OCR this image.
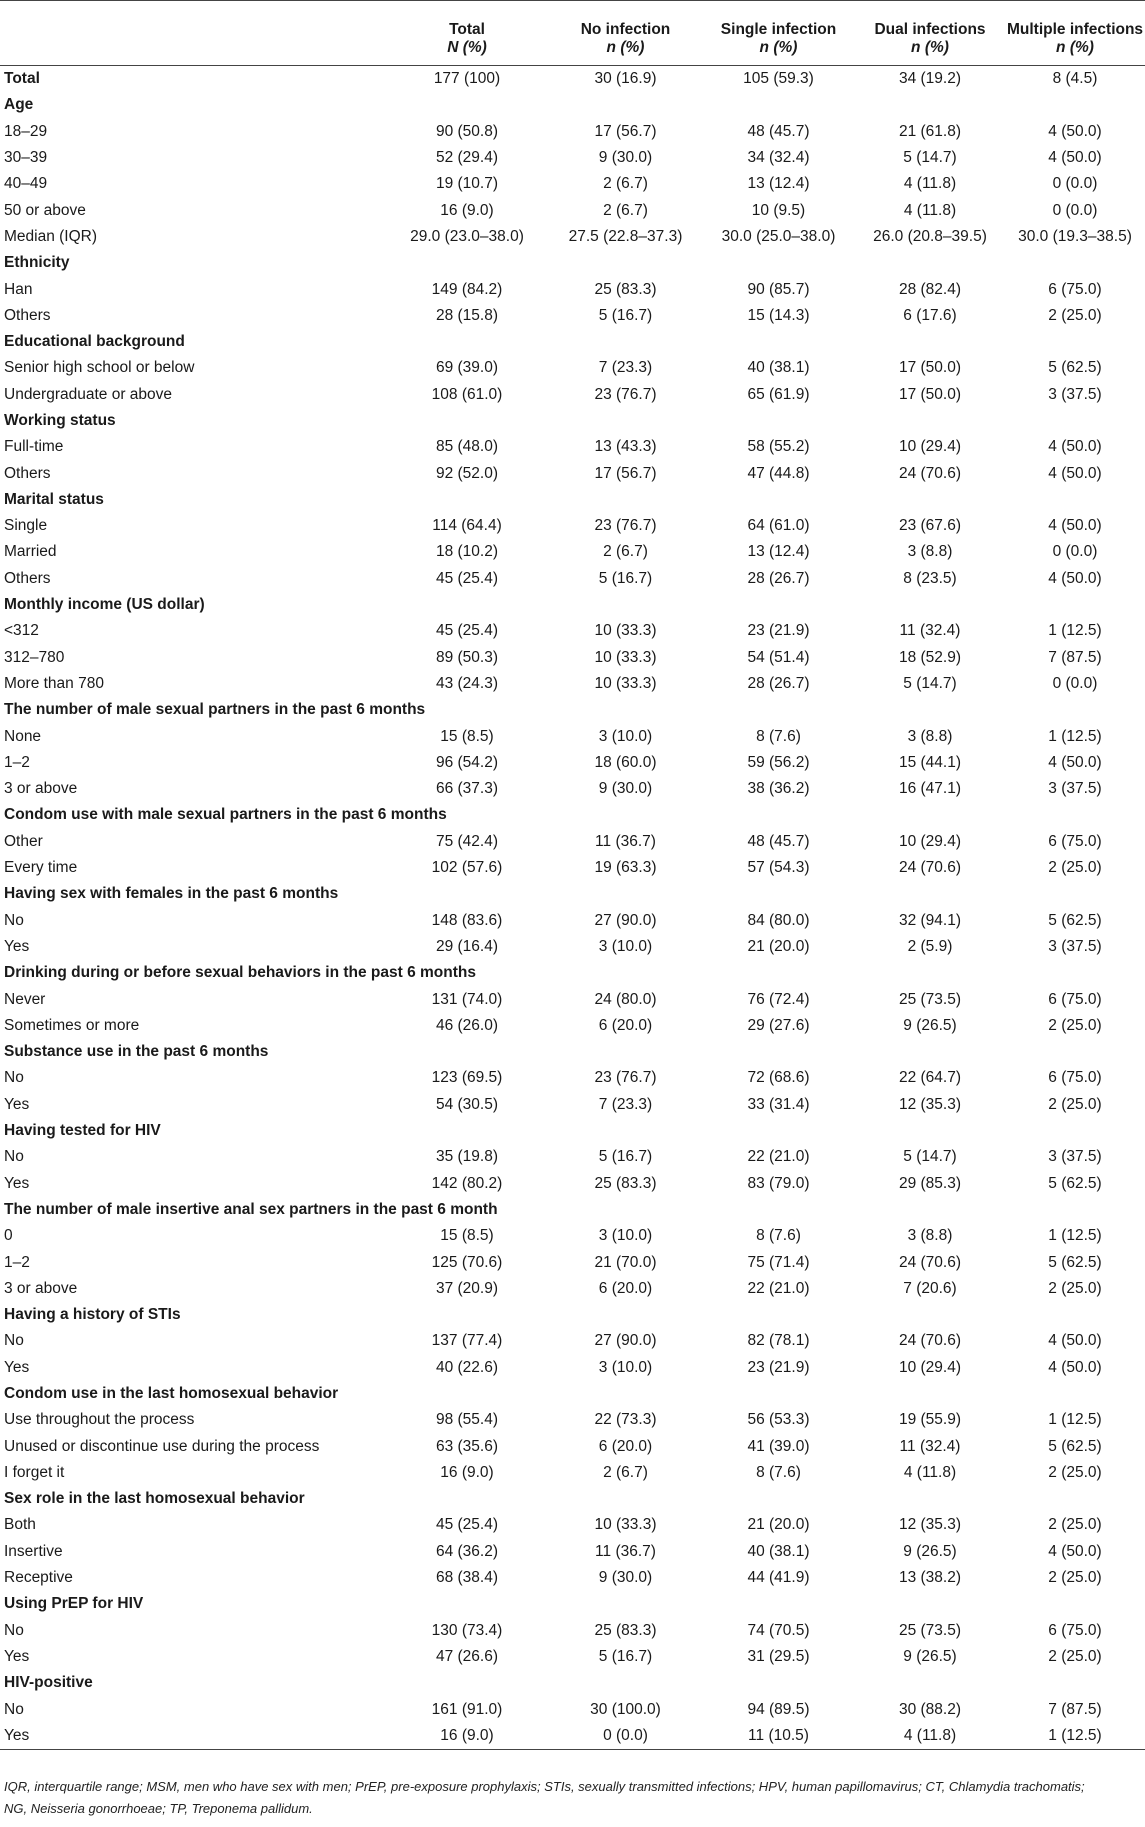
	Total	No infection	Single infection	Dual infections	Multiple infections
	N (%)	n (%)	n (%)	n (%)	n (%)
Total	177 (100)	30 (16.9)	105 (59.3)	34 (19.2)	8 (4.5)
Age					
18–29	90 (50.8)	17 (56.7)	48 (45.7)	21 (61.8)	4 (50.0)
30–39	52 (29.4)	9 (30.0)	34 (32.4)	5 (14.7)	4 (50.0)
40–49	19 (10.7)	2 (6.7)	13 (12.4)	4 (11.8)	0 (0.0)
50 or above	16 (9.0)	2 (6.7)	10 (9.5)	4 (11.8)	0 (0.0)
Median (IQR)	29.0 (23.0–38.0)	27.5 (22.8–37.3)	30.0 (25.0–38.0)	26.0 (20.8–39.5)	30.0 (19.3–38.5)
Ethnicity					
Han	149 (84.2)	25 (83.3)	90 (85.7)	28 (82.4)	6 (75.0)
Others	28 (15.8)	5 (16.7)	15 (14.3)	6 (17.6)	2 (25.0)
Educational background					
Senior high school or below	69 (39.0)	7 (23.3)	40 (38.1)	17 (50.0)	5 (62.5)
Undergraduate or above	108 (61.0)	23 (76.7)	65 (61.9)	17 (50.0)	3 (37.5)
Working status					
Full-time	85 (48.0)	13 (43.3)	58 (55.2)	10 (29.4)	4 (50.0)
Others	92 (52.0)	17 (56.7)	47 (44.8)	24 (70.6)	4 (50.0)
Marital status					
Single	114 (64.4)	23 (76.7)	64 (61.0)	23 (67.6)	4 (50.0)
Married	18 (10.2)	2 (6.7)	13 (12.4)	3 (8.8)	0 (0.0)
Others	45 (25.4)	5 (16.7)	28 (26.7)	8 (23.5)	4 (50.0)
Monthly income (US dollar)					
<312	45 (25.4)	10 (33.3)	23 (21.9)	11 (32.4)	1 (12.5)
312–780	89 (50.3)	10 (33.3)	54 (51.4)	18 (52.9)	7 (87.5)
More than 780	43 (24.3)	10 (33.3)	28 (26.7)	5 (14.7)	0 (0.0)
The number of male sexual partners in the past 6 months					
None	15 (8.5)	3 (10.0)	8 (7.6)	3 (8.8)	1 (12.5)
1–2	96 (54.2)	18 (60.0)	59 (56.2)	15 (44.1)	4 (50.0)
3 or above	66 (37.3)	9 (30.0)	38 (36.2)	16 (47.1)	3 (37.5)
Condom use with male sexual partners in the past 6 months					
Other	75 (42.4)	11 (36.7)	48 (45.7)	10 (29.4)	6 (75.0)
Every time	102 (57.6)	19 (63.3)	57 (54.3)	24 (70.6)	2 (25.0)
Having sex with females in the past 6 months					
No	148 (83.6)	27 (90.0)	84 (80.0)	32 (94.1)	5 (62.5)
Yes	29 (16.4)	3 (10.0)	21 (20.0)	2 (5.9)	3 (37.5)
Drinking during or before sexual behaviors in the past 6 months					
Never	131 (74.0)	24 (80.0)	76 (72.4)	25 (73.5)	6 (75.0)
Sometimes or more	46 (26.0)	6 (20.0)	29 (27.6)	9 (26.5)	2 (25.0)
Substance use in the past 6 months					
No	123 (69.5)	23 (76.7)	72 (68.6)	22 (64.7)	6 (75.0)
Yes	54 (30.5)	7 (23.3)	33 (31.4)	12 (35.3)	2 (25.0)
Having tested for HIV					
No	35 (19.8)	5 (16.7)	22 (21.0)	5 (14.7)	3 (37.5)
Yes	142 (80.2)	25 (83.3)	83 (79.0)	29 (85.3)	5 (62.5)
The number of male insertive anal sex partners in the past 6 month					
0	15 (8.5)	3 (10.0)	8 (7.6)	3 (8.8)	1 (12.5)
1–2	125 (70.6)	21 (70.0)	75 (71.4)	24 (70.6)	5 (62.5)
3 or above	37 (20.9)	6 (20.0)	22 (21.0)	7 (20.6)	2 (25.0)
Having a history of STIs					
No	137 (77.4)	27 (90.0)	82 (78.1)	24 (70.6)	4 (50.0)
Yes	40 (22.6)	3 (10.0)	23 (21.9)	10 (29.4)	4 (50.0)
Condom use in the last homosexual behavior					
Use throughout the process	98 (55.4)	22 (73.3)	56 (53.3)	19 (55.9)	1 (12.5)
Unused or discontinue use during the process	63 (35.6)	6 (20.0)	41 (39.0)	11 (32.4)	5 (62.5)
I forget it	16 (9.0)	2 (6.7)	8 (7.6)	4 (11.8)	2 (25.0)
Sex role in the last homosexual behavior					
Both	45 (25.4)	10 (33.3)	21 (20.0)	12 (35.3)	2 (25.0)
Insertive	64 (36.2)	11 (36.7)	40 (38.1)	9 (26.5)	4 (50.0)
Receptive	68 (38.4)	9 (30.0)	44 (41.9)	13 (38.2)	2 (25.0)
Using PrEP for HIV					
No	130 (73.4)	25 (83.3)	74 (70.5)	25 (73.5)	6 (75.0)
Yes	47 (26.6)	5 (16.7)	31 (29.5)	9 (26.5)	2 (25.0)
HIV-positive					
No	161 (91.0)	30 (100.0)	94 (89.5)	30 (88.2)	7 (87.5)
Yes	16 (9.0)	0 (0.0)	11 (10.5)	4 (11.8)	1 (12.5)
IQR, interquartile range; MSM, men who have sex with men; PrEP, pre-exposure prophylaxis; STIs, sexually transmitted infections; HPV, human papillomavirus; CT, Chlamydia trachomatis;
NG, Neisseria gonorrhoeae; TP, Treponema pallidum.
